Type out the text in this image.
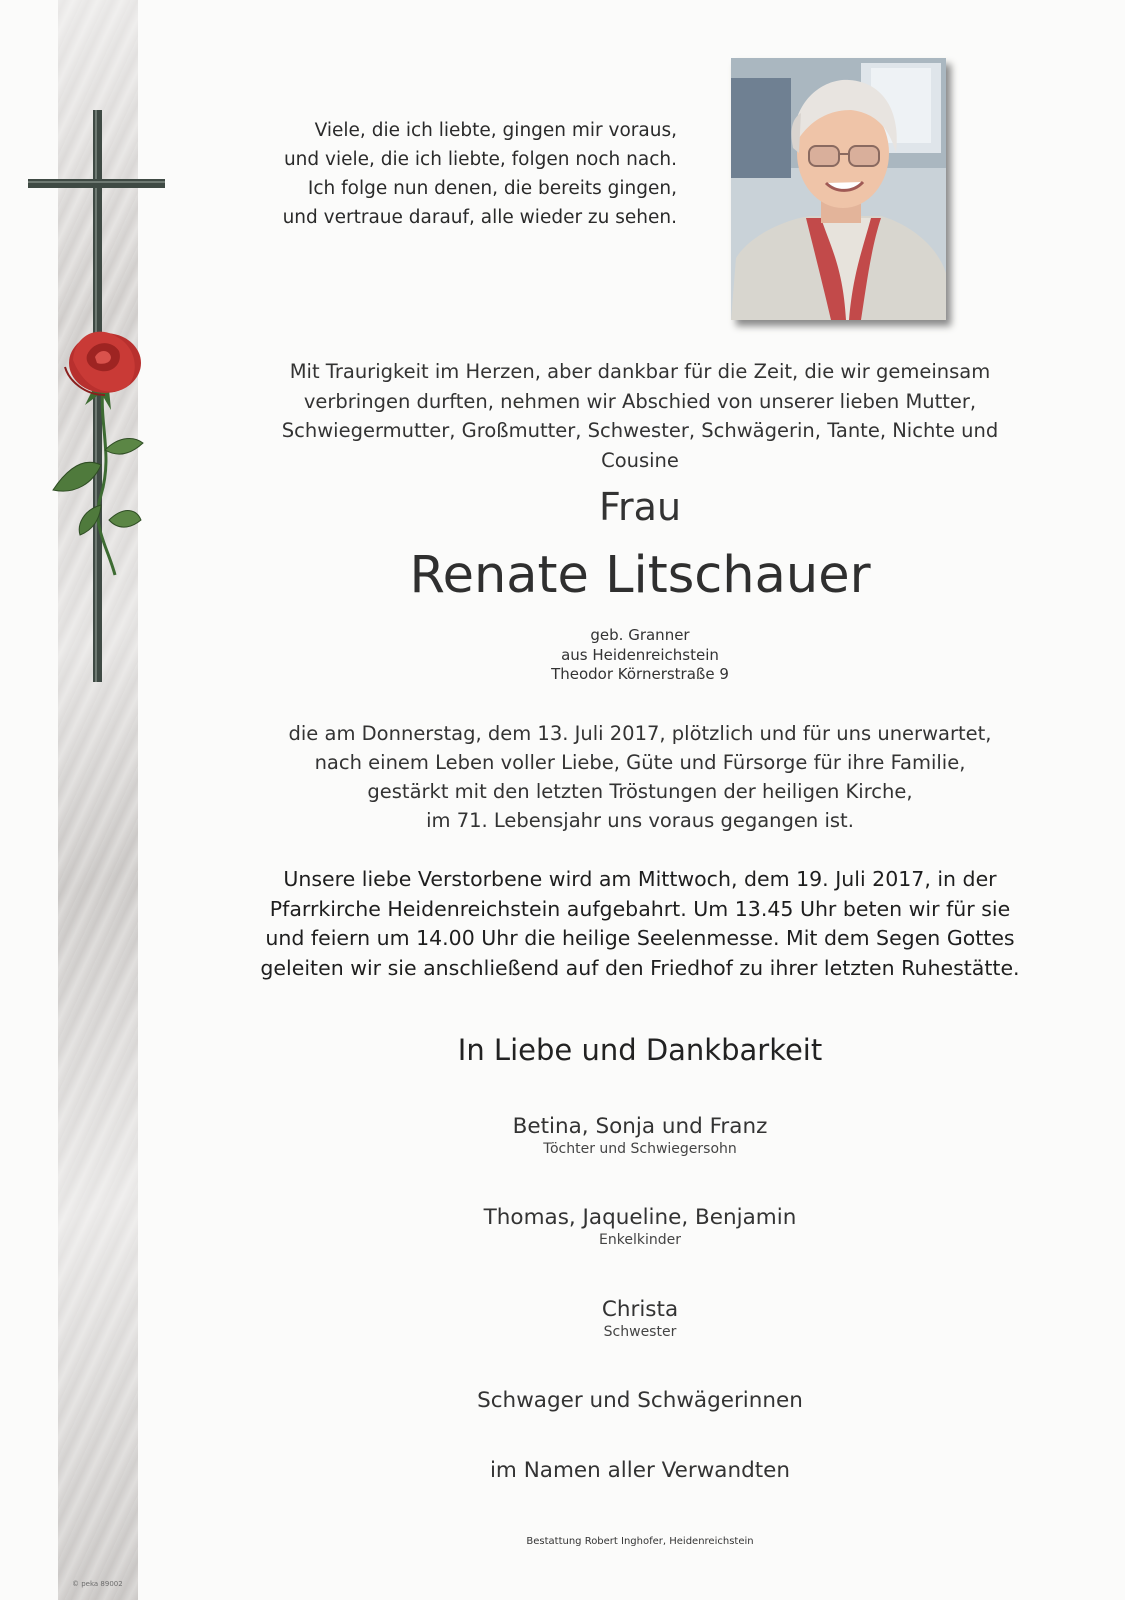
© peka 89002
Viele, die ich liebte, gingen mir voraus,
und viele, die ich liebte, folgen noch nach.
Ich folge nun denen, die bereits gingen,
und vertraue darauf, alle wieder zu sehen.
Mit Traurigkeit im Herzen, aber dankbar für die Zeit, die wir gemeinsam
verbringen durften, nehmen wir Abschied von unserer lieben Mutter,
Schwiegermutter, Großmutter, Schwester, Schwägerin, Tante, Nichte und Cousine
Frau
Renate Litschauer
geb. Granner
aus Heidenreichstein
Theodor Körnerstraße 9
die am Donnerstag, dem 13. Juli 2017, plötzlich und für uns unerwartet,
nach einem Leben voller Liebe, Güte und Fürsorge für ihre Familie,
gestärkt mit den letzten Tröstungen der heiligen Kirche,
im 71. Lebensjahr uns voraus gegangen ist.
Unsere liebe Verstorbene wird am Mittwoch, dem 19. Juli 2017, in der
Pfarrkirche Heidenreichstein aufgebahrt. Um 13.45 Uhr beten wir für sie
und feiern um 14.00 Uhr die heilige Seelenmesse. Mit dem Segen Gottes
geleiten wir sie anschließend auf den Friedhof zu ihrer letzten Ruhestätte.
In Liebe und Dankbarkeit
Betina, Sonja und Franz
Töchter und Schwiegersohn
Thomas, Jaqueline, Benjamin
Enkelkinder
Christa
Schwester
Schwager und Schwägerinnen
im Namen aller Verwandten
Bestattung Robert Inghofer, Heidenreichstein
